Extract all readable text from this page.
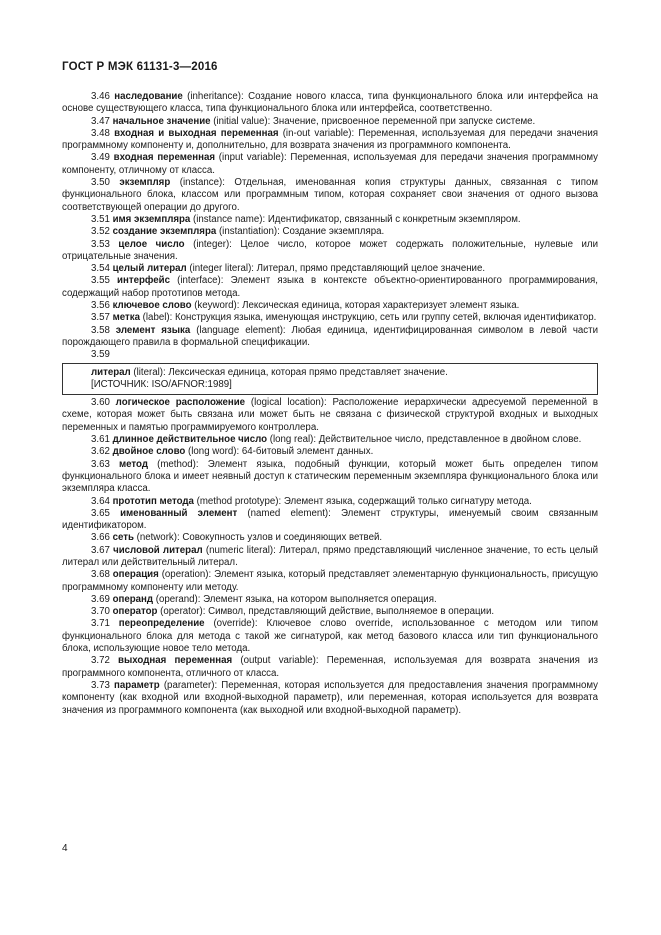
ГОСТ Р МЭК 61131-3—2016

3.46 наследование (inheritance): Создание нового класса, типа функционального блока или интерфейса на основе существующего класса, типа функционального блока или интерфейса, соответственно.

3.47 начальное значение (initial value): Значение, присвоенное переменной при запуске системе.

3.48 входная и выходная переменная (in-out variable): Переменная, используемая для передачи значения программному компоненту и, дополнительно, для возврата значения из программного компонента.

3.49 входная переменная (input variable): Переменная, используемая для передачи значения программному компоненту, отличному от класса.

3.50 экземпляр (instance): Отдельная, именованная копия структуры данных, связанная с типом функционального блока, классом или программным типом, которая сохраняет свои значения от одного вызова соответствующей операции до другого.

3.51 имя экземпляра (instance name): Идентификатор, связанный с конкретным экземпляром.

3.52 создание экземпляра (instantiation): Создание экземпляра.

3.53 целое число (integer): Целое число, которое может содержать положительные, нулевые или отрицательные значения.

3.54 целый литерал (integer literal): Литерал, прямо представляющий целое значение.

3.55 интерфейс (interface): Элемент языка в контексте объектно-ориентированного программирования, содержащий набор прототипов метода.

3.56 ключевое слово (keyword): Лексическая единица, которая характеризует элемент языка.

3.57 метка (label): Конструкция языка, именующая инструкцию, сеть или группу сетей, включая идентификатор.

3.58 элемент языка (language element): Любая единица, идентифицированная символом в левой части порождающего правила в формальной спецификации.

3.59

литерал (literal): Лексическая единица, которая прямо представляет значение.

[ИСТОЧНИК: ISO/AFNOR:1989]

3.60 логическое расположение (logical location): Расположение иерархически адресуемой переменной в схеме, которая может быть связана или может быть не связана с физической структурой входных и выходных переменных и памятью программируемого контроллера.

3.61 длинное действительное число (long real): Действительное число, представленное в двойном слове.

3.62 двойное слово (long word): 64-битовый элемент данных.

3.63 метод (method): Элемент языка, подобный функции, который может быть определен типом функционального блока и имеет неявный доступ к статическим переменным экземпляра функционального блока или экземпляра класса.

3.64 прототип метода (method prototype): Элемент языка, содержащий только сигнатуру метода.

3.65 именованный элемент (named element): Элемент структуры, именуемый своим связанным идентификатором.

3.66 сеть (network): Совокупность узлов и соединяющих ветвей.

3.67 числовой литерал (numeric literal): Литерал, прямо представляющий численное значение, то есть целый литерал или действительный литерал.

3.68 операция (operation): Элемент языка, который представляет элементарную функциональность, присущую программному компоненту или методу.

3.69 операнд (operand): Элемент языка, на котором выполняется операция.

3.70 оператор (operator): Символ, представляющий действие, выполняемое в операции.

3.71 переопределение (override): Ключевое слово override, использованное с методом или типом функционального блока для метода с такой же сигнатурой, как метод базового класса или тип функционального блока, использующие новое тело метода.

3.72 выходная переменная (output variable): Переменная, используемая для возврата значения из программного компонента, отличного от класса.

3.73 параметр (parameter): Переменная, которая используется для предоставления значения программному компоненту (как входной или входной-выходной параметр), или переменная, которая используется для возврата значения из программного компонента (как выходной или входной-выходной параметр).

4
